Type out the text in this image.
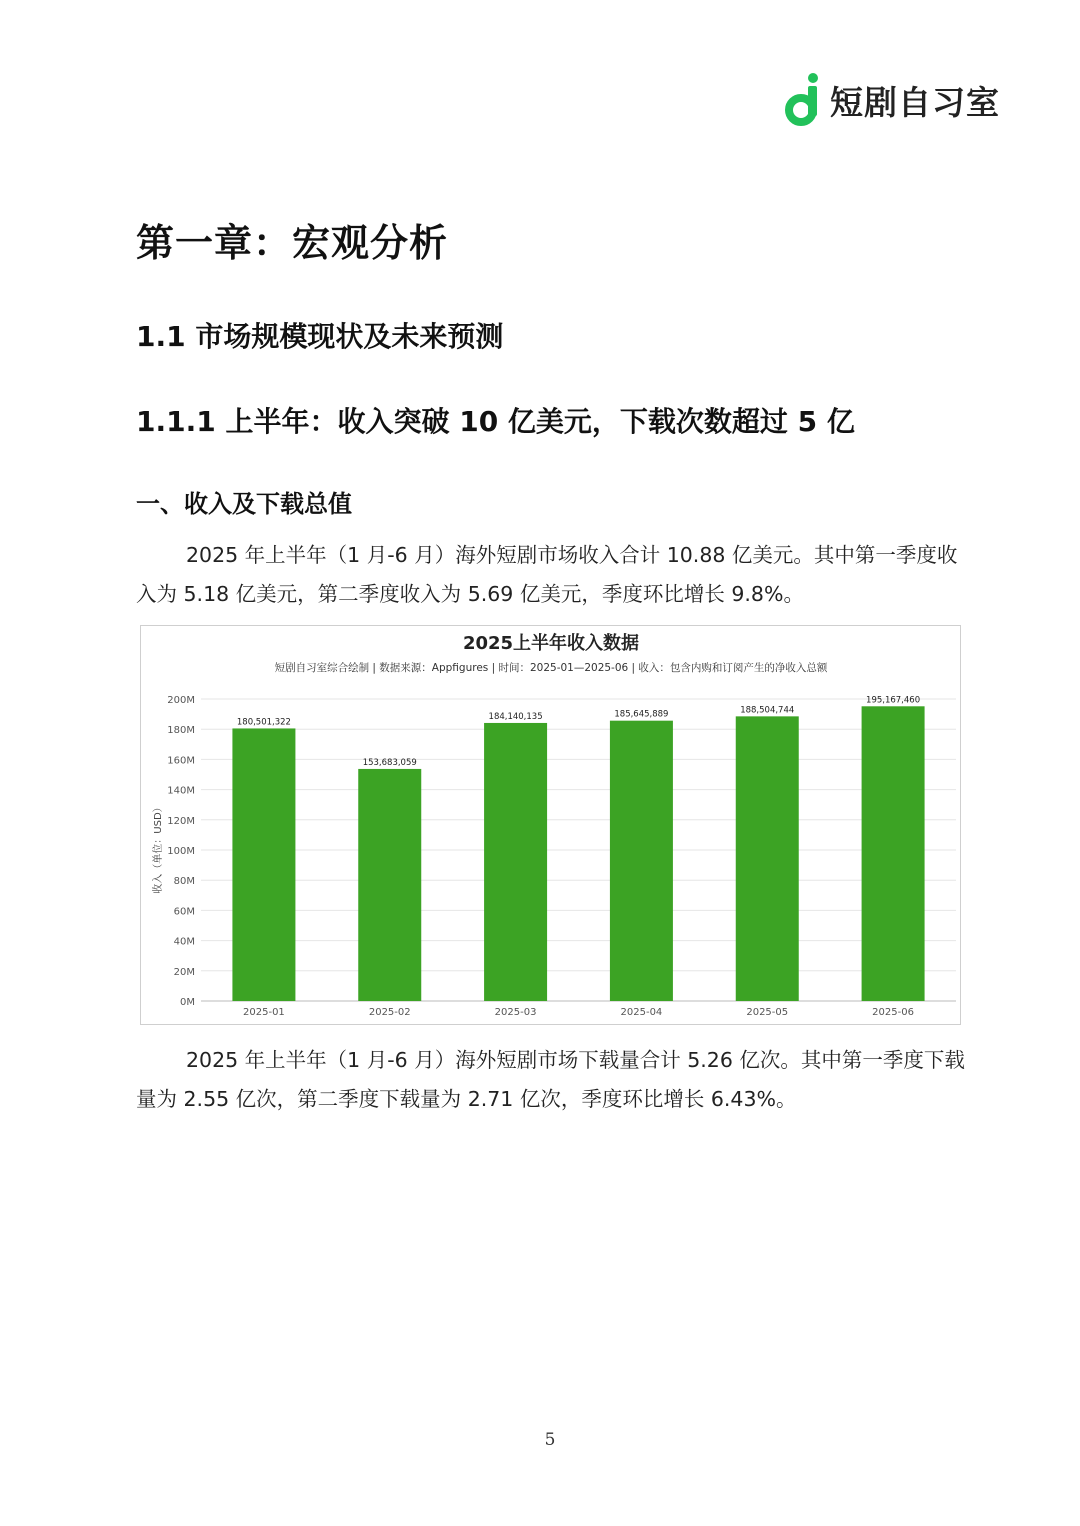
短剧自习室
第一章：宏观分析
1.1 市场规模现状及未来预测
1.1.1 上半年：收入突破 10 亿美元，下载次数超过 5 亿
一、收入及下载总值
2025 年上半年（1 月-6 月）海外短剧市场收入合计 10.88 亿美元。其中第一季度收入为 5.18 亿美元，第二季度收入为 5.69 亿美元，季度环比增长 9.8%。
2025上半年收入数据
短剧自习室综合绘制 | 数据来源：Appfigures | 时间：2025-01—2025-06 | 收入：包含内购和订阅产生的净收入总额
收入（单位：USD）
0M
20M
40M
60M
80M
100M
120M
140M
160M
180M
200M
180,501,322
2025-01
153,683,059
2025-02
184,140,135
2025-03
185,645,889
2025-04
188,504,744
2025-05
195,167,460
2025-06
2025 年上半年（1 月-6 月）海外短剧市场下载量合计 5.26 亿次。其中第一季度下载量为 2.55 亿次，第二季度下载量为 2.71 亿次，季度环比增长 6.43%。
5
